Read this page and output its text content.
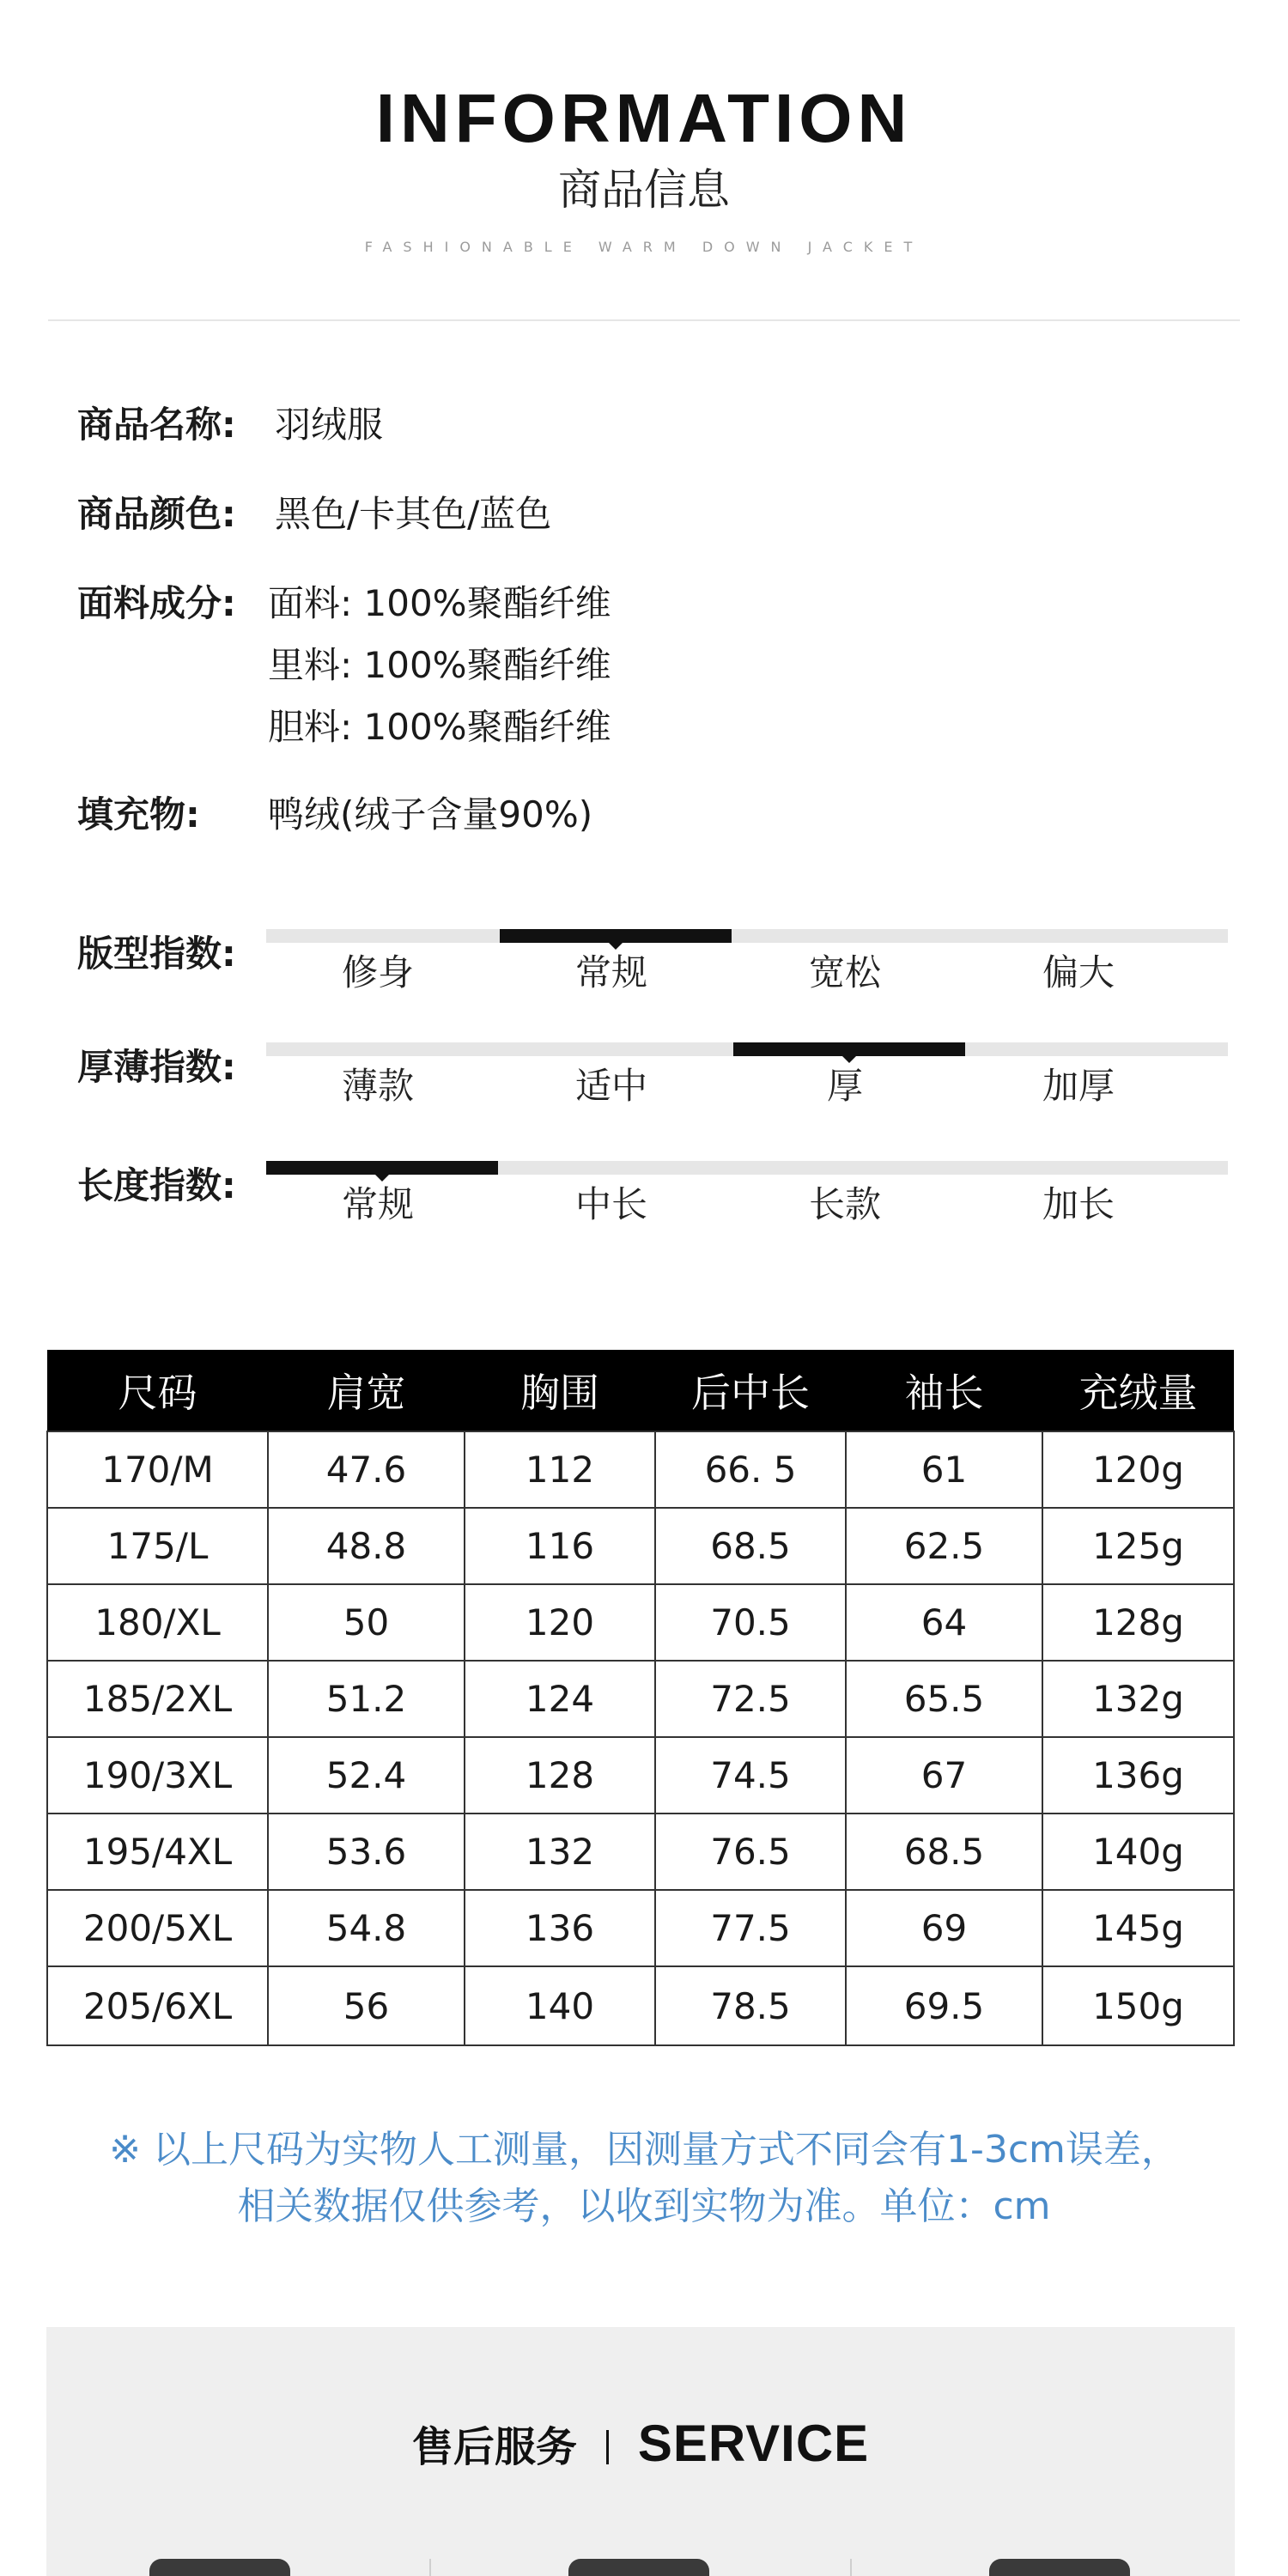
INFORMATION
商品信息
FASHIONABLE WARM DOWN JACKET
商品名称: 羽绒服
商品颜色: 黑色/卡其色/蓝色
面料成分: 面料: 100%聚酯纤维
里料: 100%聚酯纤维
胆料: 100%聚酯纤维
填充物: 鸭绒(绒子含量90%)
版型指数:	修身	常规	宽松	偏大
厚薄指数:	薄款	适中	厚	加厚
长度指数:	常规	中长	长款	加长
尺码	肩宽	胸围	后中长	袖长	充绒量
170/M	47.6	112	66. 5	61	120g
175/L	48.8	116	68.5	62.5	125g
180/XL	50	120	70.5	64	128g
185/2XL	51.2	124	72.5	65.5	132g
190/3XL	52.4	128	74.5	67	136g
195/4XL	53.6	132	76.5	68.5	140g
200/5XL	54.8	136	77.5	69	145g
205/6XL	56	140	78.5	69.5	150g
※ 以上尺码为实物人工测量，因测量方式不同会有1-3cm误差，
相关数据仅供参考，以收到实物为准。单位：cm
售后服务 SERVICE
